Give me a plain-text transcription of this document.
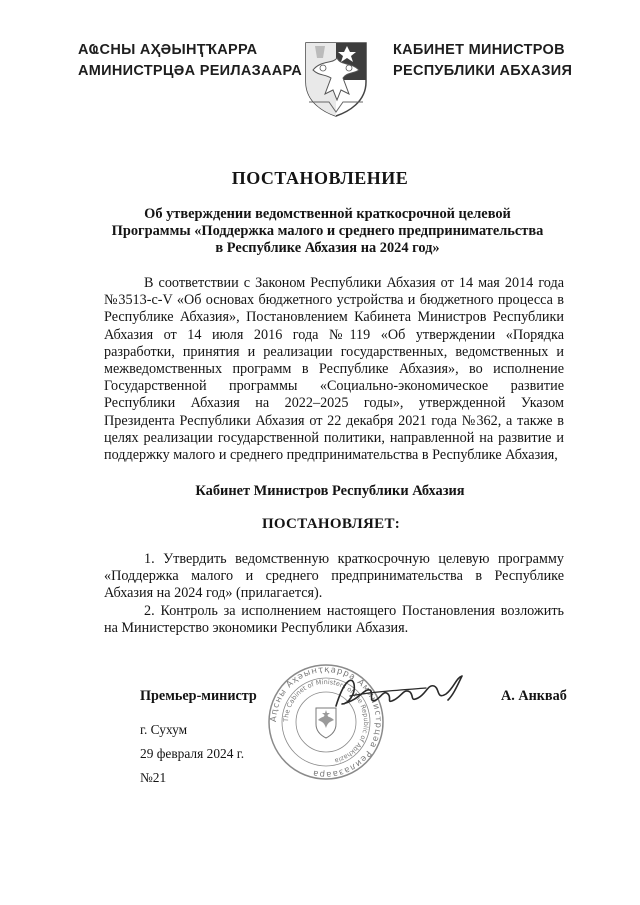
АҨСНЫ АҲӘЫНҬҠАРРА
АМИНИСТРЦӘА РЕИЛАЗААРА
КАБИНЕТ МИНИСТРОВ
РЕСПУБЛИКИ АБХАЗИЯ
ПОСТАНОВЛЕНИЕ
Об утверждении ведомственной краткосрочной целевой
Программы «Поддержка малого и среднего предпринимательства
в Республике Абхазия на 2024 год»
В соответствии с Законом Республики Абхазия от 14 мая 2014 года
№3513-с-V «Об основах бюджетного устройства и бюджетного процесса в
Республике Абхазия», Постановлением Кабинета Министров Республики
Абхазия от 14 июля 2016 года №119 «Об утверждении «Порядка
разработки, принятия и реализации государственных, ведомственных и
межведомственных программ в Республике Абхазия», во исполнение
Государственной программы «Социально-экономическое развитие
Республики Абхазия на 2022–2025 годы», утвержденной Указом
Президента Республики Абхазия от 22 декабря 2021 года №362, а также в
целях реализации государственной политики, направленной на развитие и
поддержку малого и среднего предпринимательства в Республике Абхазия,
Кабинет Министров Республики Абхазия
ПОСТАНОВЛЯЕТ:
1. Утвердить ведомственную краткосрочную целевую программу
«Поддержка малого и среднего предпринимательства в Республике
Абхазия на 2024 год» (прилагается).
2. Контроль за исполнением настоящего Постановления возложить
на Министерство экономики Республики Абхазия.
Аԥсны Аҳәынҭқарра Аминистрцәа Реилазаара
The Cabinet of Ministers of the Republic of Abkhazia
Премьер-министр	А. Анкваб
г. Сухум
29 февраля 2024 г.
№21
